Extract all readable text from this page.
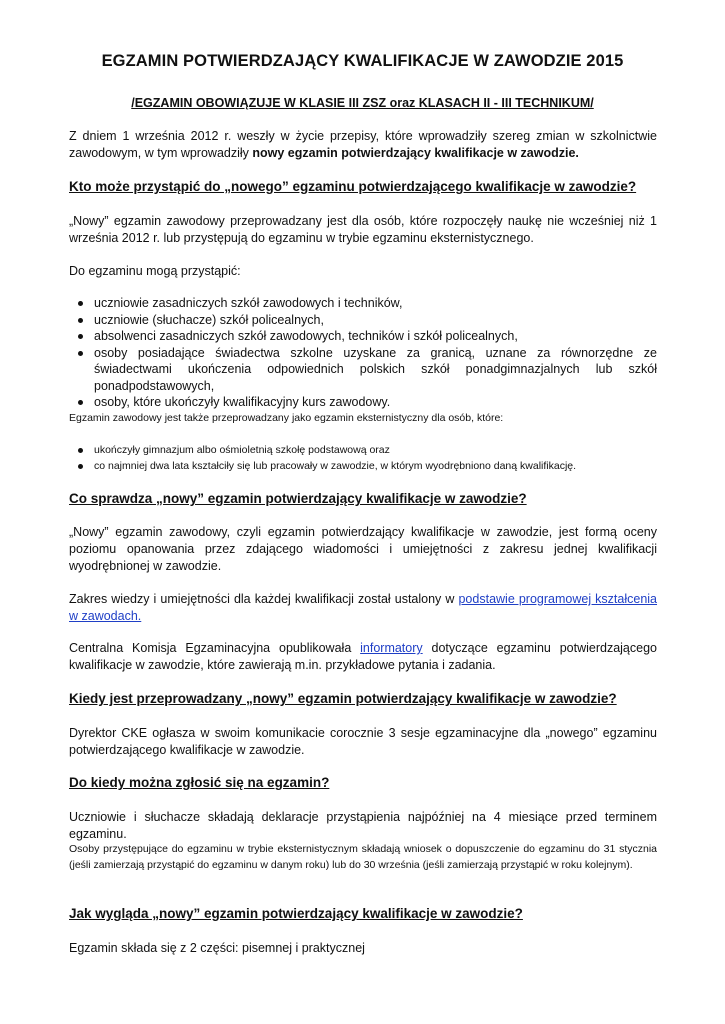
EGZAMIN POTWIERDZAJĄCY KWALIFIKACJE W ZAWODZIE 2015
/EGZAMIN OBOWIĄZUJE W KLASIE III ZSZ oraz KLASACH II - III TECHNIKUM/

Z dniem 1 września 2012 r. weszły w życie przepisy, które wprowadziły szereg zmian w szkolnictwie zawodowym, w tym wprowadziły nowy egzamin potwierdzający kwalifikacje w zawodzie.

Kto może przystąpić do „nowego” egzaminu potwierdzającego kwalifikacje w zawodzie?

„Nowy” egzamin zawodowy przeprowadzany jest dla osób, które rozpoczęły naukę nie wcześniej niż 1 września 2012 r. lub przystępują do egzaminu w trybie egzaminu eksternistycznego.

Do egzaminu mogą przystąpić:

uczniowie zasadniczych szkół zawodowych i techników,
uczniowie (słuchacze) szkół policealnych,
absolwenci zasadniczych szkół zawodowych, techników i szkół policealnych,
osoby posiadające świadectwa szkolne uzyskane za granicą, uznane za równorzędne ze świadectwami ukończenia odpowiednich polskich szkół ponadgimnazjalnych lub szkół ponadpodstawowych,
osoby, które ukończyły kwalifikacyjny kurs zawodowy.

Egzamin zawodowy jest także przeprowadzany jako egzamin eksternistyczny dla osób, które:

ukończyły gimnazjum albo ośmioletnią szkołę podstawową oraz
co najmniej dwa lata kształciły się lub pracowały w zawodzie, w którym wyodrębniono daną kwalifikację.
Co sprawdza „nowy” egzamin potwierdzający kwalifikacje w zawodzie?

„Nowy” egzamin zawodowy, czyli egzamin potwierdzający kwalifikacje w zawodzie, jest formą oceny poziomu opanowania przez zdającego wiadomości i umiejętności z zakresu jednej kwalifikacji wyodrębnionej w zawodzie.

Zakres wiedzy i umiejętności dla każdej kwalifikacji został ustalony w podstawie programowej kształcenia w zawodach.

Centralna Komisja Egzaminacyjna opublikowała informatory dotyczące egzaminu potwierdzającego kwalifikacje w zawodzie, które zawierają m.in. przykładowe pytania i zadania.

Kiedy jest przeprowadzany „nowy” egzamin potwierdzający kwalifikacje w zawodzie?

Dyrektor CKE ogłasza w swoim komunikacie corocznie 3 sesje egzaminacyjne dla „nowego” egzaminu potwierdzającego kwalifikacje w zawodzie.

Do kiedy można zgłosić się na egzamin?

Uczniowie i słuchacze składają deklaracje przystąpienia najpóźniej na 4 miesiące przed terminem egzaminu.

Osoby przystępujące do egzaminu w trybie eksternistycznym składają wniosek o dopuszczenie do egzaminu do 31 stycznia (jeśli zamierzają przystąpić do egzaminu w danym roku) lub do 30 września (jeśli zamierzają przystąpić w roku kolejnym).

Jak wygląda „nowy” egzamin potwierdzający kwalifikacje w zawodzie?

Egzamin składa się z 2 części: pisemnej i praktycznej
